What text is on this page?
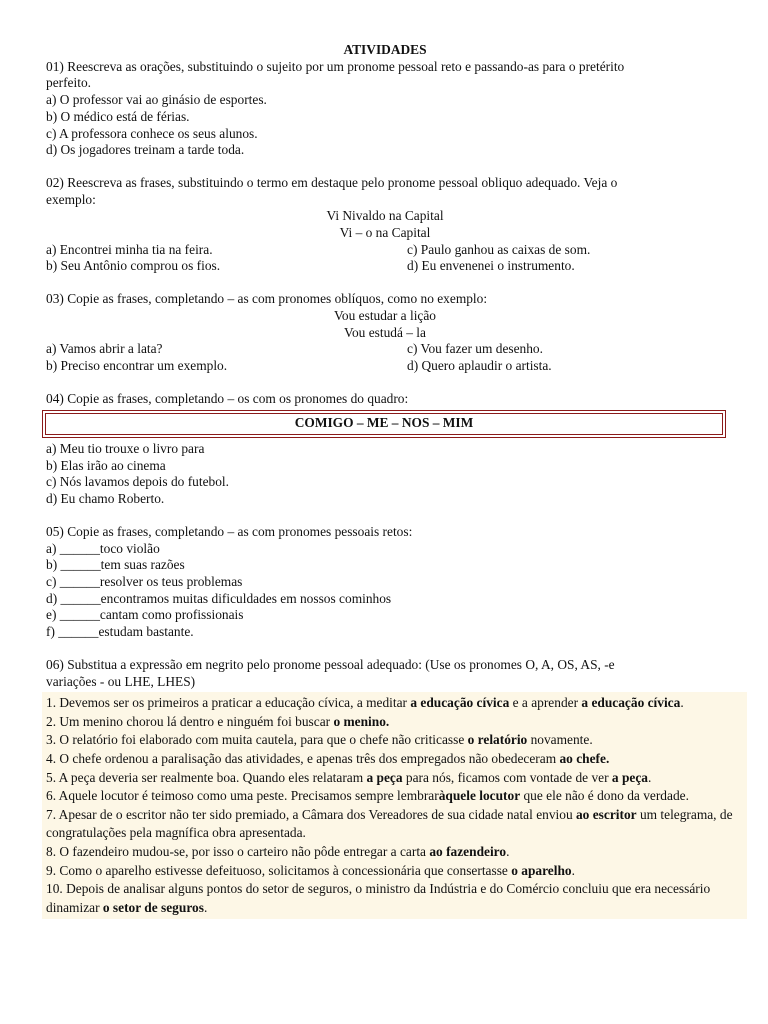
ATIVIDADES
01) Reescreva as orações, substituindo o sujeito por um pronome pessoal reto e passando-as para o pretérito
perfeito.
a) O professor vai ao ginásio de esportes.
b) O médico está de férias.
c) A professora conhece os seus alunos.
d) Os jogadores treinam a tarde toda.
02) Reescreva as frases, substituindo o termo em destaque pelo pronome pessoal obliquo adequado. Veja o
exemplo:
Vi Nivaldo na Capital
Vi – o na Capital
a) Encontrei minha tia na feira.	c) Paulo ganhou as caixas de som.
b) Seu Antônio comprou os fios.	d) Eu envenenei o instrumento.
03) Copie as frases, completando – as com pronomes oblíquos, como no exemplo:
Vou estudar a lição
Vou estudá – la
a) Vamos abrir a lata?	c) Vou fazer um desenho.
b) Preciso encontrar um exemplo.	d) Quero aplaudir o artista.
04) Copie as frases, completando – os com os pronomes do quadro:
COMIGO – ME – NOS – MIM
a) Meu tio trouxe o livro para
b) Elas irão ao cinema
c) Nós lavamos depois do futebol.
d) Eu chamo Roberto.
05) Copie as frases, completando – as com pronomes pessoais retos:
a) ______toco violão
b) ______tem suas razões
c) ______resolver os teus problemas
d) ______encontramos muitas dificuldades em nossos cominhos
e) ______cantam como profissionais
f) ______estudam bastante.
06) Substitua a expressão em negrito pelo pronome pessoal adequado: (Use os pronomes O, A, OS, AS, -e
variações - ou LHE, LHES)
1. Devemos ser os primeiros a praticar a educação cívica, a meditar a educação cívica e a aprender a educação cívica.
2. Um menino chorou lá dentro e ninguém foi buscar o menino.
3. O relatório foi elaborado com muita cautela, para que o chefe não criticasse o relatório novamente.
4. O chefe ordenou a paralisação das atividades, e apenas três dos empregados não obedeceram ao chefe.
5. A peça deveria ser realmente boa. Quando eles relataram a peça para nós, ficamos com vontade de ver a peça.
6. Aquele locutor é teimoso como uma peste. Precisamos sempre lembraràquele locutor que ele não é dono da verdade.
7. Apesar de o escritor não ter sido premiado, a Câmara dos Vereadores de sua cidade natal enviou ao escritor um telegrama, de congratulações pela magnífica obra apresentada.
8. O fazendeiro mudou-se, por isso o carteiro não pôde entregar a carta ao fazendeiro.
9. Como o aparelho estivesse defeituoso, solicitamos à concessionária que consertasse o aparelho.
10. Depois de analisar alguns pontos do setor de seguros, o ministro da Indústria e do Comércio concluiu que era necessário dinamizar o setor de seguros.
